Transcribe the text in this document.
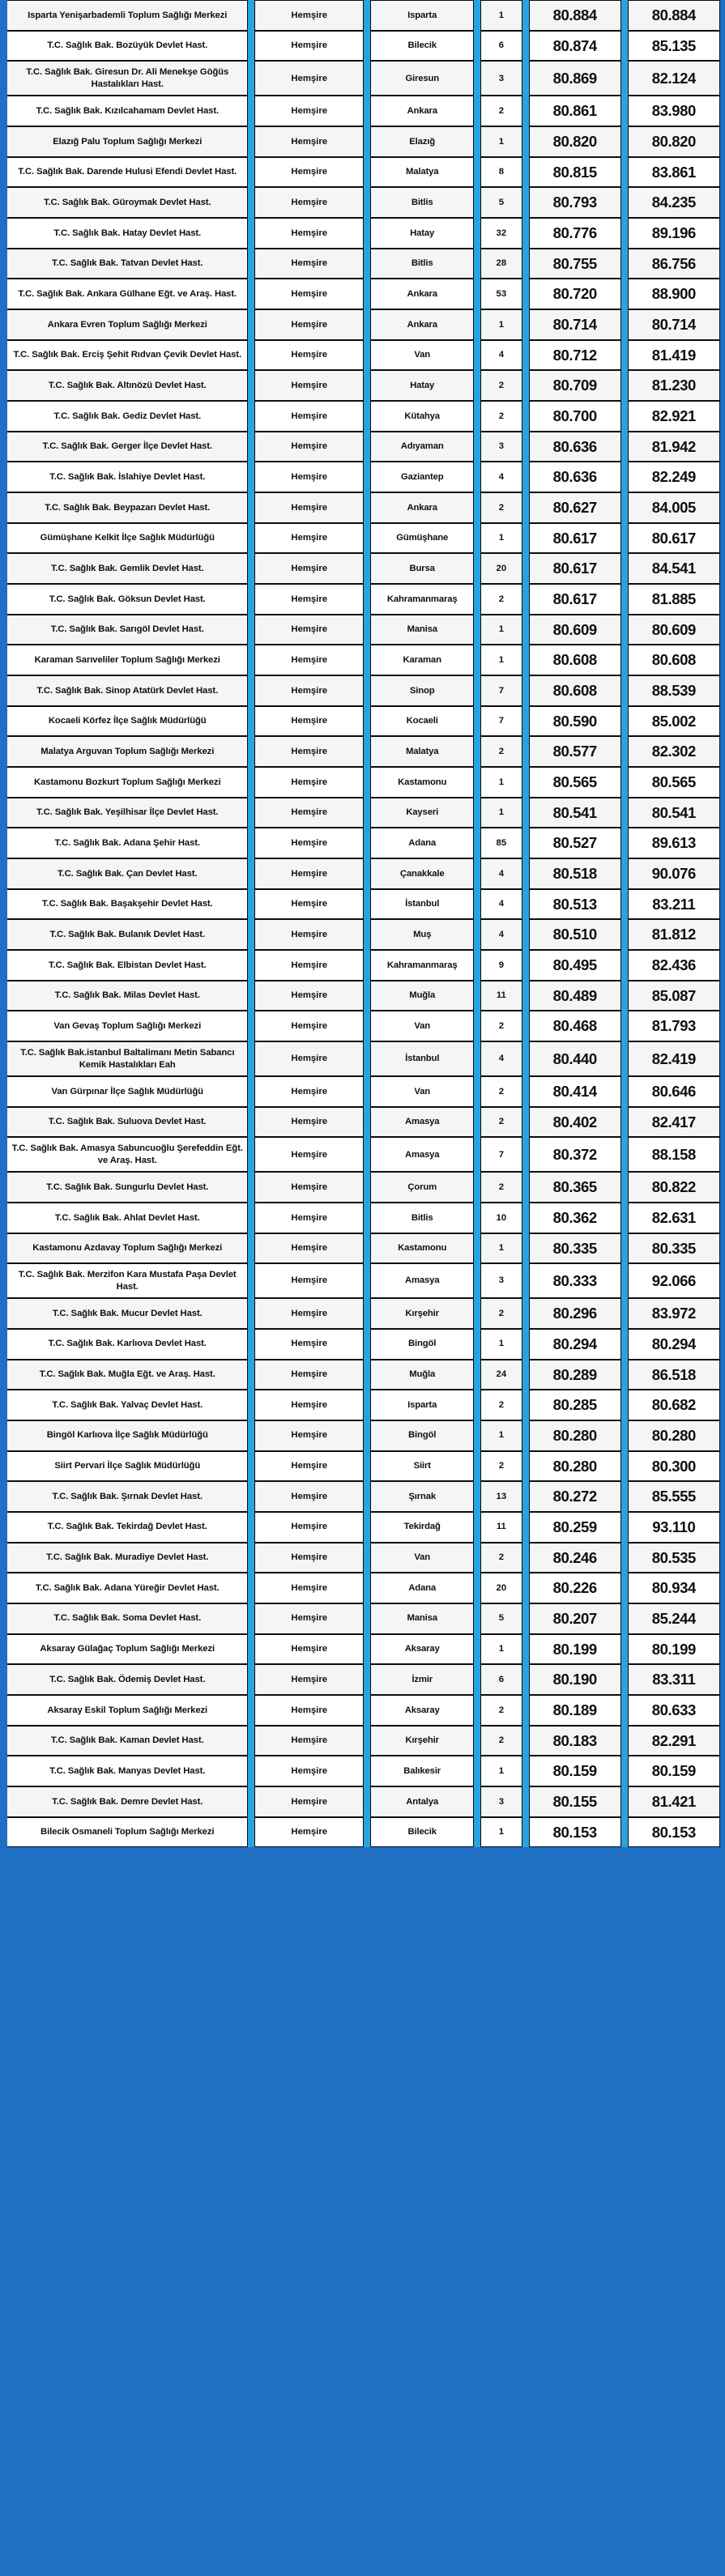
Isparta Yenişarbademli Toplum Sağlığı Merkezi		Hemşire		Isparta		1		80.884		80.884
T.C. Sağlık Bak. Bozüyük Devlet Hast.		Hemşire		Bilecik		6		80.874		85.135
T.C. Sağlık Bak. Giresun Dr. Ali Menekşe Göğüs Hastalıkları Hast.		Hemşire		Giresun		3		80.869		82.124
T.C. Sağlık Bak. Kızılcahamam Devlet Hast.		Hemşire		Ankara		2		80.861		83.980
Elazığ Palu Toplum Sağlığı Merkezi		Hemşire		Elazığ		1		80.820		80.820
T.C. Sağlık Bak. Darende Hulusi Efendi Devlet Hast.		Hemşire		Malatya		8		80.815		83.861
T.C. Sağlık Bak. Güroymak Devlet Hast.		Hemşire		Bitlis		5		80.793		84.235
T.C. Sağlık Bak. Hatay Devlet Hast.		Hemşire		Hatay		32		80.776		89.196
T.C. Sağlık Bak. Tatvan Devlet Hast.		Hemşire		Bitlis		28		80.755		86.756
T.C. Sağlık Bak. Ankara Gülhane Eğt. ve Araş. Hast.		Hemşire		Ankara		53		80.720		88.900
Ankara Evren Toplum Sağlığı Merkezi		Hemşire		Ankara		1		80.714		80.714
T.C. Sağlık Bak. Erciş Şehit Rıdvan Çevik Devlet Hast.		Hemşire		Van		4		80.712		81.419
T.C. Sağlık Bak. Altınözü Devlet Hast.		Hemşire		Hatay		2		80.709		81.230
T.C. Sağlık Bak. Gediz Devlet Hast.		Hemşire		Kütahya		2		80.700		82.921
T.C. Sağlık Bak. Gerger İlçe Devlet Hast.		Hemşire		Adıyaman		3		80.636		81.942
T.C. Sağlık Bak. İslahiye Devlet Hast.		Hemşire		Gaziantep		4		80.636		82.249
T.C. Sağlık Bak. Beypazarı Devlet Hast.		Hemşire		Ankara		2		80.627		84.005
Gümüşhane Kelkit İlçe Sağlık Müdürlüğü		Hemşire		Gümüşhane		1		80.617		80.617
T.C. Sağlık Bak. Gemlik Devlet Hast.		Hemşire		Bursa		20		80.617		84.541
T.C. Sağlık Bak. Göksun Devlet Hast.		Hemşire		Kahramanmaraş		2		80.617		81.885
T.C. Sağlık Bak. Sarıgöl Devlet Hast.		Hemşire		Manisa		1		80.609		80.609
Karaman Sarıveliler Toplum Sağlığı Merkezi		Hemşire		Karaman		1		80.608		80.608
T.C. Sağlık Bak. Sinop Atatürk Devlet Hast.		Hemşire		Sinop		7		80.608		88.539
Kocaeli Körfez İlçe Sağlık Müdürlüğü		Hemşire		Kocaeli		7		80.590		85.002
Malatya Arguvan Toplum Sağlığı Merkezi		Hemşire		Malatya		2		80.577		82.302
Kastamonu Bozkurt Toplum Sağlığı Merkezi		Hemşire		Kastamonu		1		80.565		80.565
T.C. Sağlık Bak. Yeşilhisar İlçe Devlet Hast.		Hemşire		Kayseri		1		80.541		80.541
T.C. Sağlık Bak. Adana Şehir Hast.		Hemşire		Adana		85		80.527		89.613
T.C. Sağlık Bak. Çan Devlet Hast.		Hemşire		Çanakkale		4		80.518		90.076
T.C. Sağlık Bak. Başakşehir Devlet Hast.		Hemşire		İstanbul		4		80.513		83.211
T.C. Sağlık Bak. Bulanık Devlet Hast.		Hemşire		Muş		4		80.510		81.812
T.C. Sağlık Bak. Elbistan Devlet Hast.		Hemşire		Kahramanmaraş		9		80.495		82.436
T.C. Sağlık Bak. Milas Devlet Hast.		Hemşire		Muğla		11		80.489		85.087
Van Gevaş Toplum Sağlığı Merkezi		Hemşire		Van		2		80.468		81.793
T.C. Sağlık Bak.istanbul Baltalimanı Metin Sabancı Kemik Hastalıkları Eah		Hemşire		İstanbul		4		80.440		82.419
Van Gürpınar İlçe Sağlık Müdürlüğü		Hemşire		Van		2		80.414		80.646
T.C. Sağlık Bak. Suluova Devlet Hast.		Hemşire		Amasya		2		80.402		82.417
T.C. Sağlık Bak. Amasya Sabuncuoğlu Şerefeddin Eğt. ve Araş. Hast.		Hemşire		Amasya		7		80.372		88.158
T.C. Sağlık Bak. Sungurlu Devlet Hast.		Hemşire		Çorum		2		80.365		80.822
T.C. Sağlık Bak. Ahlat Devlet Hast.		Hemşire		Bitlis		10		80.362		82.631
Kastamonu Azdavay Toplum Sağlığı Merkezi		Hemşire		Kastamonu		1		80.335		80.335
T.C. Sağlık Bak. Merzifon Kara Mustafa Paşa Devlet Hast.		Hemşire		Amasya		3		80.333		92.066
T.C. Sağlık Bak. Mucur Devlet Hast.		Hemşire		Kırşehir		2		80.296		83.972
T.C. Sağlık Bak. Karlıova Devlet Hast.		Hemşire		Bingöl		1		80.294		80.294
T.C. Sağlık Bak. Muğla Eğt. ve Araş. Hast.		Hemşire		Muğla		24		80.289		86.518
T.C. Sağlık Bak. Yalvaç Devlet Hast.		Hemşire		Isparta		2		80.285		80.682
Bingöl Karlıova İlçe Sağlık Müdürlüğü		Hemşire		Bingöl		1		80.280		80.280
Siirt Pervari İlçe Sağlık Müdürlüğü		Hemşire		Siirt		2		80.280		80.300
T.C. Sağlık Bak. Şırnak Devlet Hast.		Hemşire		Şırnak		13		80.272		85.555
T.C. Sağlık Bak. Tekirdağ Devlet Hast.		Hemşire		Tekirdağ		11		80.259		93.110
T.C. Sağlık Bak. Muradiye Devlet Hast.		Hemşire		Van		2		80.246		80.535
T.C. Sağlık Bak. Adana Yüreğir Devlet Hast.		Hemşire		Adana		20		80.226		80.934
T.C. Sağlık Bak. Soma Devlet Hast.		Hemşire		Manisa		5		80.207		85.244
Aksaray Gülağaç Toplum Sağlığı Merkezi		Hemşire		Aksaray		1		80.199		80.199
T.C. Sağlık Bak. Ödemiş Devlet Hast.		Hemşire		İzmir		6		80.190		83.311
Aksaray Eskil Toplum Sağlığı Merkezi		Hemşire		Aksaray		2		80.189		80.633
T.C. Sağlık Bak. Kaman Devlet Hast.		Hemşire		Kırşehir		2		80.183		82.291
T.C. Sağlık Bak. Manyas Devlet Hast.		Hemşire		Balıkesir		1		80.159		80.159
T.C. Sağlık Bak. Demre Devlet Hast.		Hemşire		Antalya		3		80.155		81.421
Bilecik Osmaneli Toplum Sağlığı Merkezi		Hemşire		Bilecik		1		80.153		80.153
